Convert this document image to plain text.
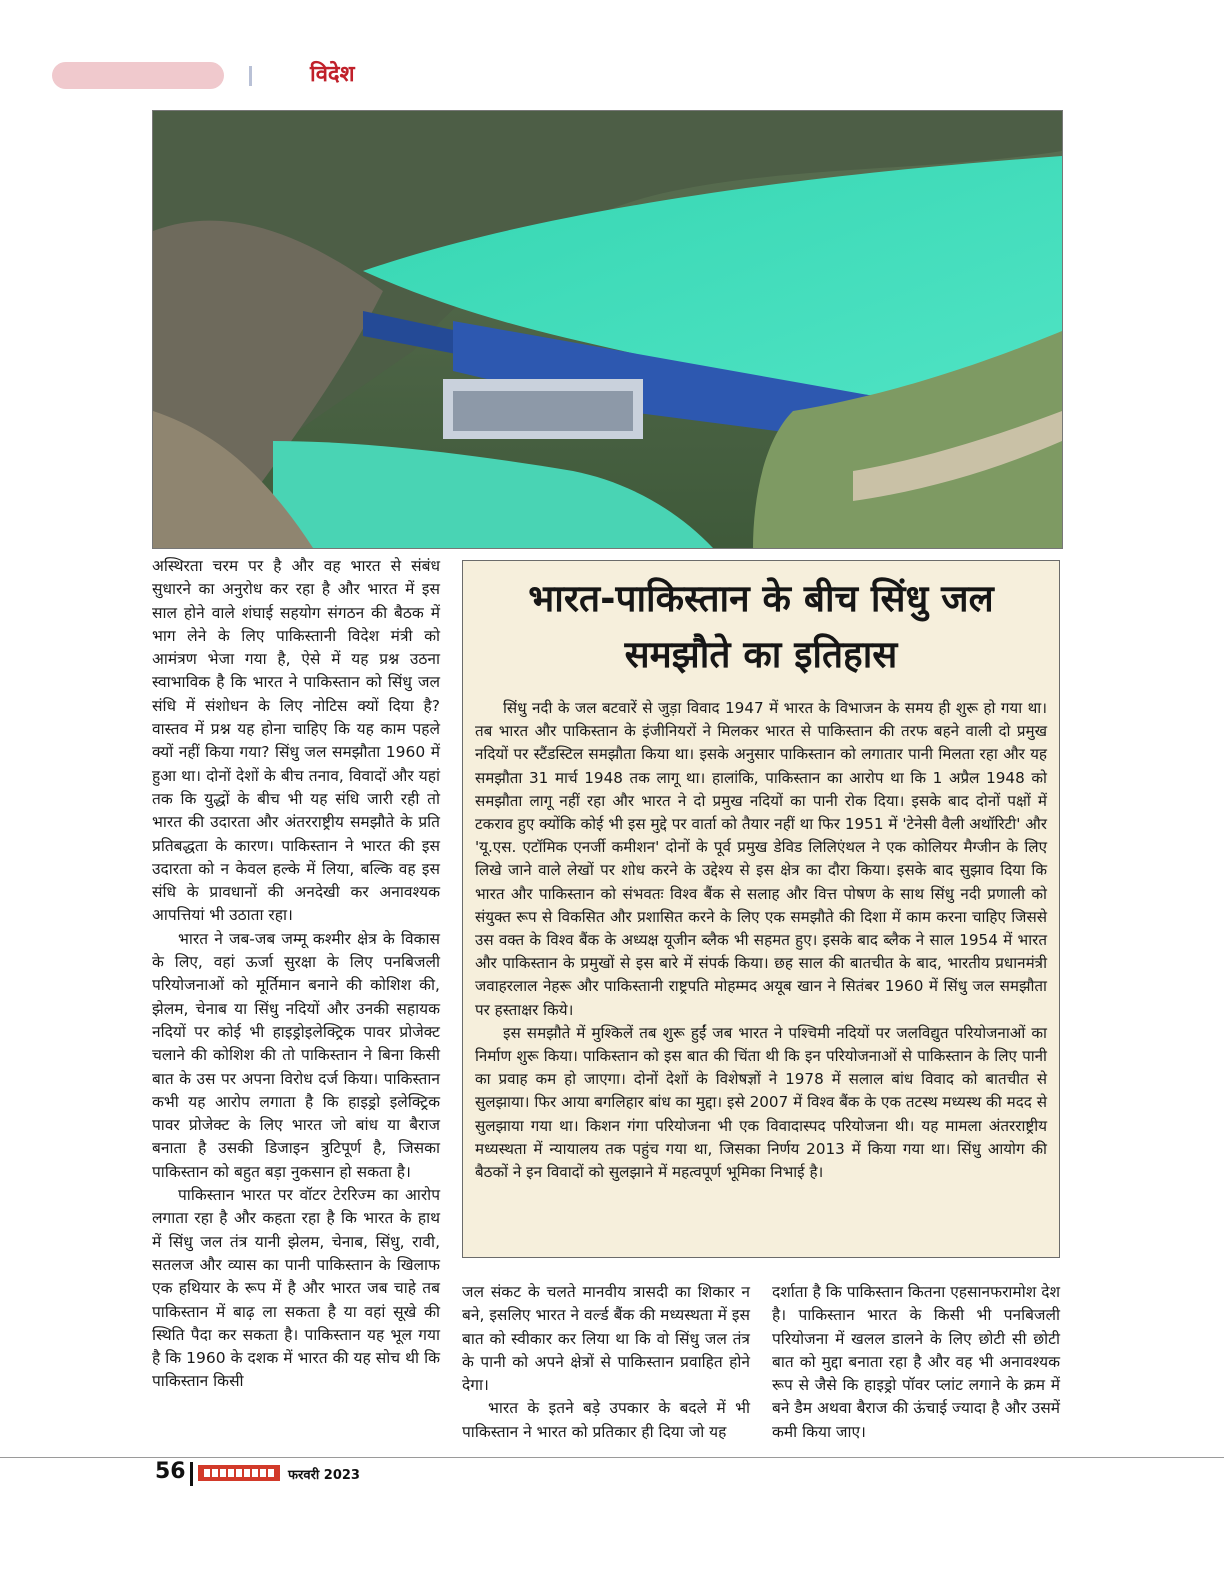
विदेश

अस्थिरता चरम पर है और वह भारत से संबंध सुधारने का अनुरोध कर रहा है और भारत में इस साल होने वाले शंघाई सहयोग संगठन की बैठक में भाग लेने के लिए पाकिस्तानी विदेश मंत्री को आमंत्रण भेजा गया है, ऐसे में यह प्रश्न उठना स्वाभाविक है कि भारत ने पाकिस्तान को सिंधु जल संधि में संशोधन के लिए नोटिस क्यों दिया है? वास्तव में प्रश्न यह होना चाहिए कि यह काम पहले क्यों नहीं किया गया? सिंधु जल समझौता 1960 में हुआ था। दोनों देशों के बीच तनाव, विवादों और यहां तक कि युद्धों के बीच भी यह संधि जारी रही तो भारत की उदारता और अंतरराष्ट्रीय समझौते के प्रति प्रतिबद्धता के कारण। पाकिस्तान ने भारत की इस उदारता को न केवल हल्के में लिया, बल्कि वह इस संधि के प्रावधानों की अनदेखी कर अनावश्यक आपत्तियां भी उठाता रहा।

भारत ने जब-जब जम्मू कश्मीर क्षेत्र के विकास के लिए, वहां ऊर्जा सुरक्षा के लिए पनबिजली परियोजनाओं को मूर्तिमान बनाने की कोशिश की, झेलम, चेनाब या सिंधु नदियों और उनकी सहायक नदियों पर कोई भी हाइड्रोइलेक्ट्रिक पावर प्रोजेक्ट चलाने की कोशिश की तो पाकिस्तान ने बिना किसी बात के उस पर अपना विरोध दर्ज किया। पाकिस्तान कभी यह आरोप लगाता है कि हाइड्रो इलेक्ट्रिक पावर प्रोजेक्ट के लिए भारत जो बांध या बैराज बनाता है उसकी डिजाइन त्रुटिपूर्ण है, जिसका पाकिस्तान को बहुत बड़ा नुकसान हो सकता है।

पाकिस्तान भारत पर वॉटर टेररिज्म का आरोप लगाता रहा है और कहता रहा है कि भारत के हाथ में सिंधु जल तंत्र यानी झेलम, चेनाब, सिंधु, रावी, सतलज और व्यास का पानी पाकिस्तान के खिलाफ एक हथियार के रूप में है और भारत जब चाहे तब पाकिस्तान में बाढ़ ला सकता है या वहां सूखे की स्थिति पैदा कर सकता है। पाकिस्तान यह भूल गया है कि 1960 के दशक में भारत की यह सोच थी कि पाकिस्तान किसी

भारत-पाकिस्तान के बीच सिंधु जल समझौते का इतिहास

सिंधु नदी के जल बटवारें से जुड़ा विवाद 1947 में भारत के विभाजन के समय ही शुरू हो गया था। तब भारत और पाकिस्तान के इंजीनियरों ने मिलकर भारत से पाकिस्तान की तरफ बहने वाली दो प्रमुख नदियों पर स्टैंडस्टिल समझौता किया था। इसके अनुसार पाकिस्तान को लगातार पानी मिलता रहा और यह समझौता 31 मार्च 1948 तक लागू था। हालांकि, पाकिस्तान का आरोप था कि 1 अप्रैल 1948 को समझौता लागू नहीं रहा और भारत ने दो प्रमुख नदियों का पानी रोक दिया। इसके बाद दोनों पक्षों में टकराव हुए क्योंकि कोई भी इस मुद्दे पर वार्ता को तैयार नहीं था फिर 1951 में 'टेनेसी वैली अथॉरिटी' और 'यू.एस. एटॉमिक एनर्जी कमीशन' दोनों के पूर्व प्रमुख डेविड लिलिएंथल ने एक कोलियर मैग्जीन के लिए लिखे जाने वाले लेखों पर शोध करने के उद्देश्य से इस क्षेत्र का दौरा किया। इसके बाद सुझाव दिया कि भारत और पाकिस्तान को संभवतः विश्व बैंक से सलाह और वित्त पोषण के साथ सिंधु नदी प्रणाली को संयुक्त रूप से विकसित और प्रशासित करने के लिए एक समझौते की दिशा में काम करना चाहिए जिससे उस वक्त के विश्व बैंक के अध्यक्ष यूजीन ब्लैक भी सहमत हुए। इसके बाद ब्लैक ने साल 1954 में भारत और पाकिस्तान के प्रमुखों से इस बारे में संपर्क किया। छह साल की बातचीत के बाद, भारतीय प्रधानमंत्री जवाहरलाल नेहरू और पाकिस्तानी राष्ट्रपति मोहम्मद अयूब खान ने सितंबर 1960 में सिंधु जल समझौता पर हस्ताक्षर किये।

इस समझौते में मुश्किलें तब शुरू हुईं जब भारत ने पश्चिमी नदियों पर जलविद्युत परियोजनाओं का निर्माण शुरू किया। पाकिस्तान को इस बात की चिंता थी कि इन परियोजनाओं से पाकिस्तान के लिए पानी का प्रवाह कम हो जाएगा। दोनों देशों के विशेषज्ञों ने 1978 में सलाल बांध विवाद को बातचीत से सुलझाया। फिर आया बगलिहार बांध का मुद्दा। इसे 2007 में विश्व बैंक के एक तटस्थ मध्यस्थ की मदद से सुलझाया गया था। किशन गंगा परियोजना भी एक विवादास्पद परियोजना थी। यह मामला अंतरराष्ट्रीय मध्यस्थता में न्यायालय तक पहुंच गया था, जिसका निर्णय 2013 में किया गया था। सिंधु आयोग की बैठकों ने इन विवादों को सुलझाने में महत्वपूर्ण भूमिका निभाई है।

जल संकट के चलते मानवीय त्रासदी का शिकार न बने, इसलिए भारत ने वर्ल्ड बैंक की मध्यस्थता में इस बात को स्वीकार कर लिया था कि वो सिंधु जल तंत्र के पानी को अपने क्षेत्रों से पाकिस्तान प्रवाहित होने देगा।

भारत के इतने बड़े उपकार के बदले में भी पाकिस्तान ने भारत को प्रतिकार ही दिया जो यह

दर्शाता है कि पाकिस्तान कितना एहसानफरामोश देश है। पाकिस्तान भारत के किसी भी पनबिजली परियोजना में खलल डालने के लिए छोटी सी छोटी बात को मुद्दा बनाता रहा है और वह भी अनावश्यक रूप से जैसे कि हाइड्रो पॉवर प्लांट लगाने के क्रम में बने डैम अथवा बैराज की ऊंचाई ज्यादा है और उसमें कमी किया जाए।

56	फरवरी 2023
